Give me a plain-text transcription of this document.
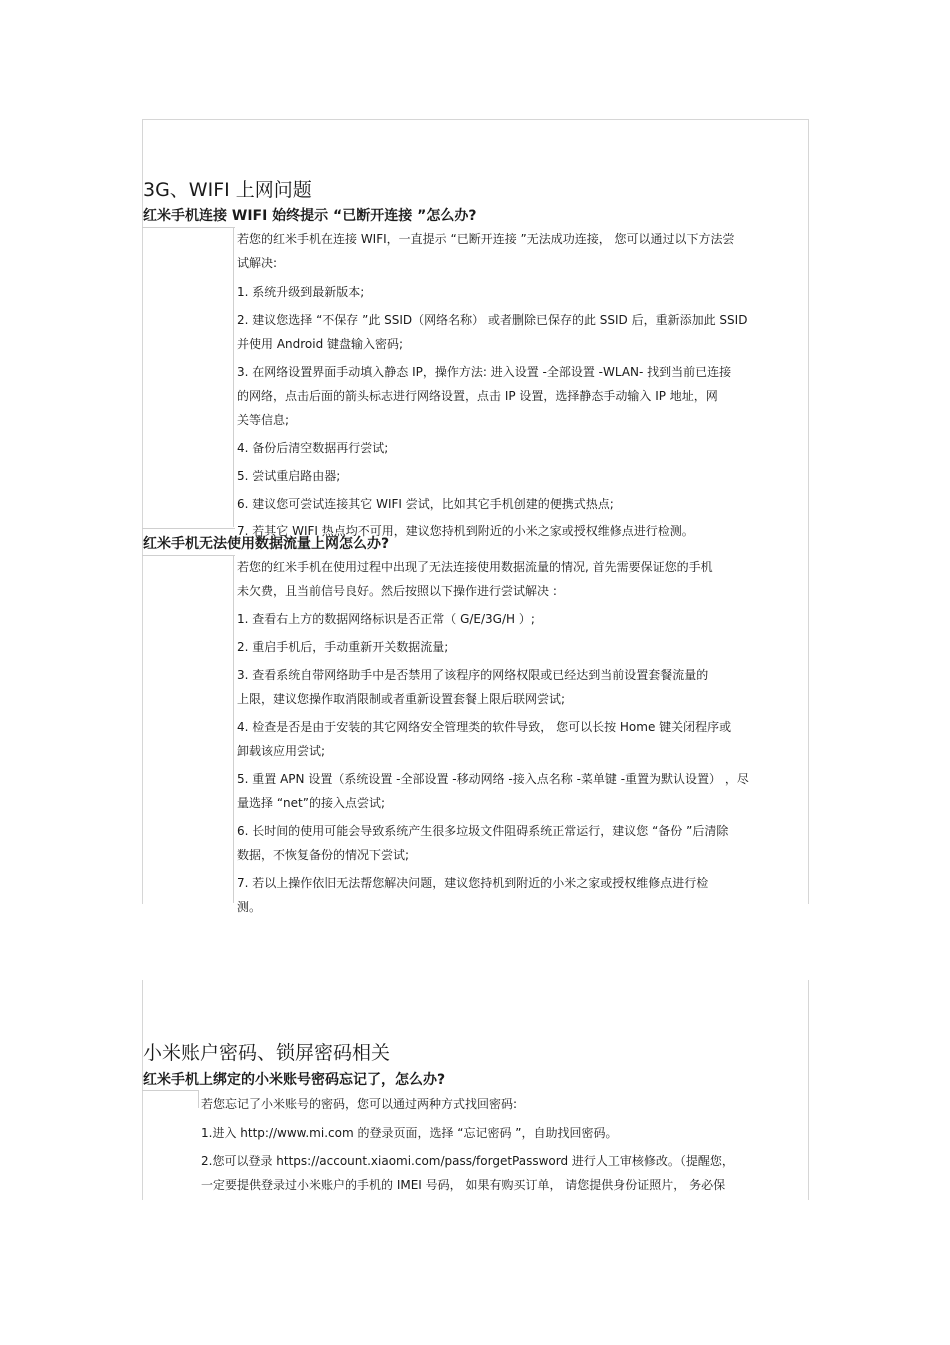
3G、WIFI 上网问题
红米手机连接 WIFI 始终提示 “已断开连接 ”怎么办?

若您的红米手机在连接 WIFI，一直提示 “已断开连接 ”无法成功连接， 您可以通过以下方法尝

试解决:

1. 系统升级到最新版本;

2. 建议您选择 “不保存 ”此 SSID（网络名称） 或者删除已保存的此 SSID 后，重新添加此 SSID

并使用 Android 键盘输入密码;

3. 在网络设置界面手动填入静态 IP，操作方法: 进入设置 -全部设置 -WLAN- 找到当前已连接

的网络，点击后面的箭头标志进行网络设置，点击 IP 设置，选择静态手动输入 IP 地址，网

关等信息;

4. 备份后清空数据再行尝试;

5. 尝试重启路由器;

6. 建议您可尝试连接其它 WIFI 尝试，比如其它手机创建的便携式热点;

7. 若其它 WIFI 热点均不可用，建议您持机到附近的小米之家或授权维修点进行检测。

红米手机无法使用数据流量上网怎么办?

若您的红米手机在使用过程中出现了无法连接使用数据流量的情况, 首先需要保证您的手机

未欠费，且当前信号良好。然后按照以下操作进行尝试解决 :

1. 查看右上方的数据网络标识是否正常（ G/E/3G/H ）;

2. 重启手机后，手动重新开关数据流量;

3. 查看系统自带网络助手中是否禁用了该程序的网络权限或已经达到当前设置套餐流量的

上限，建议您操作取消限制或者重新设置套餐上限后联网尝试;

4. 检查是否是由于安装的其它网络安全管理类的软件导致， 您可以长按 Home 键关闭程序或

卸载该应用尝试;

5. 重置 APN 设置（系统设置 -全部设置 -移动网络 -接入点名称 -菜单键 -重置为默认设置） ，尽

量选择 “net”的接入点尝试;

6. 长时间的使用可能会导致系统产生很多垃圾文件阻碍系统正常运行，建议您 “备份 ”后清除

数据，不恢复备份的情况下尝试;

7. 若以上操作依旧无法帮您解决问题，建议您持机到附近的小米之家或授权维修点进行检

测。

小米账户密码、锁屏密码相关
红米手机上绑定的小米账号密码忘记了，怎么办?

若您忘记了小米账号的密码，您可以通过两种方式找回密码:

1.进入 http://www.mi.com 的登录页面，选择 “忘记密码 ”，自助找回密码。

2.您可以登录 https://account.xiaomi.com/pass/forgetPassword 进行人工审核修改。（提醒您，

一定要提供登录过小米账户的手机的 IMEI 号码， 如果有购买订单， 请您提供身份证照片， 务必保
